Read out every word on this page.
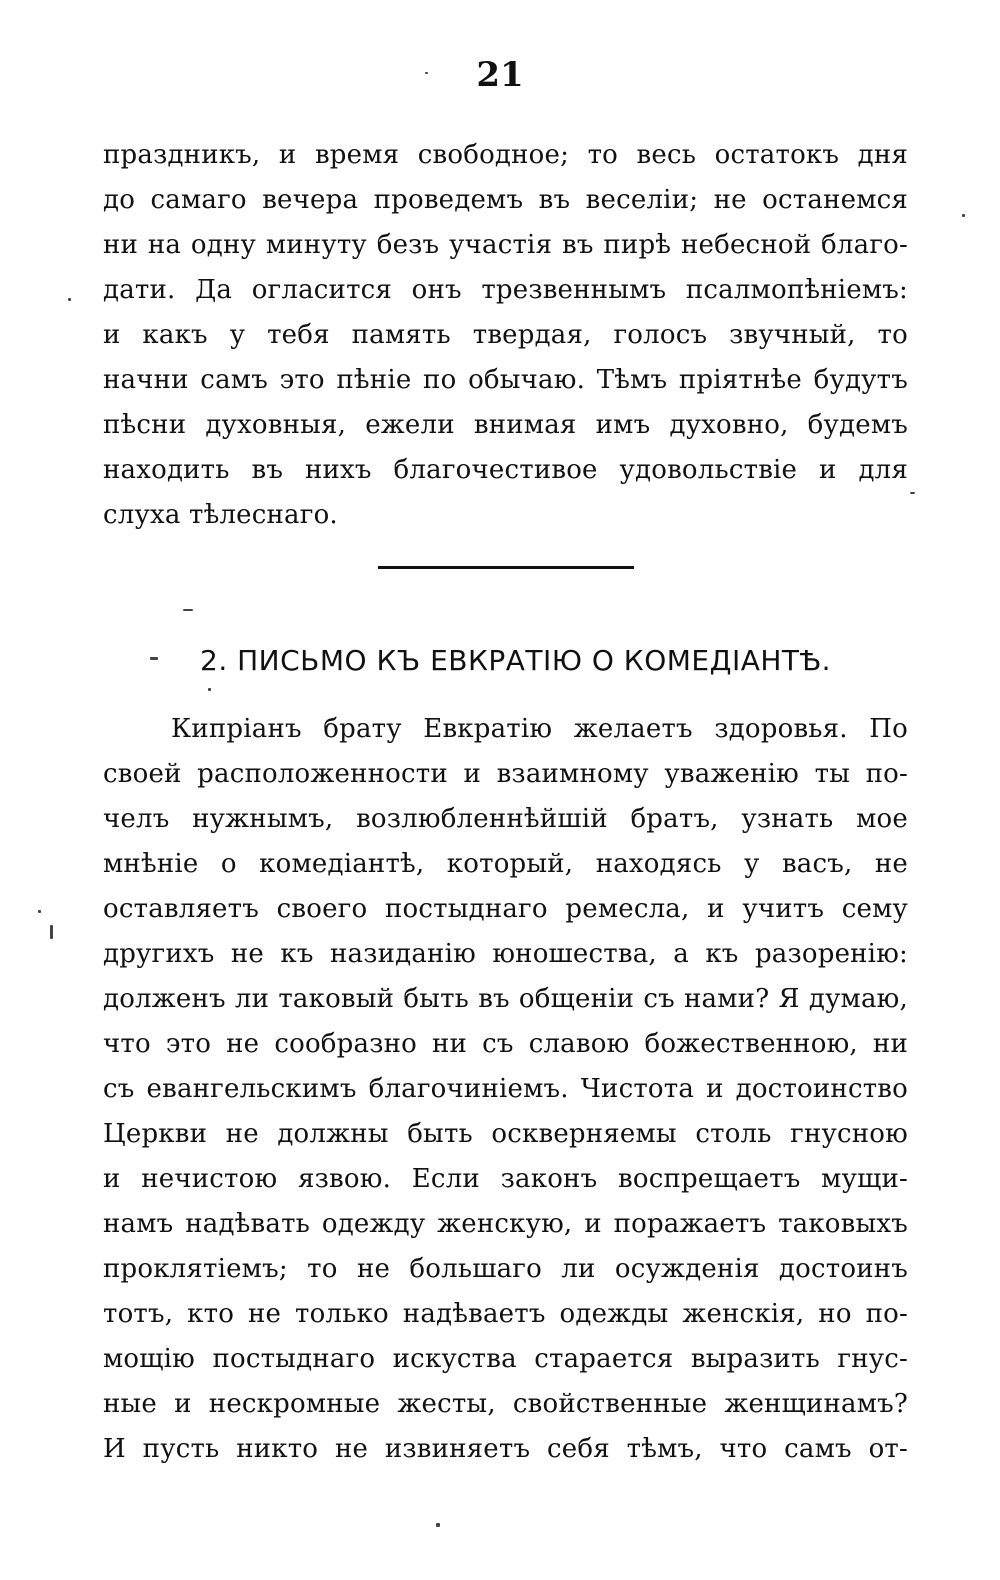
21
праздникъ, и время свободное; то весь остатокъ дня
до самаго вечера проведемъ въ веселіи; не останемся
ни на одну минуту безъ участія въ пирѣ небесной благо-
дати. Да огласится онъ трезвеннымъ псалмопѣніемъ:
и какъ у тебя память твердая, голосъ звучный, то
начни самъ это пѣніе по обычаю. Тѣмъ пріятнѣе будутъ
пѣсни духовныя, ежели внимая имъ духовно, будемъ
находить въ нихъ благочестивое удовольствіе и для
слуха тѣлеснаго.
2. ПИСЬМО КЪ ЕВКРАТІЮ О КОМЕДІАНТѢ.
Кипріанъ брату Евкратію желаетъ здоровья. По
своей расположенности и взаимному уваженію ты по-
челъ нужнымъ, возлюбленнѣйшій братъ, узнать мое
мнѣніе о комедіантѣ, который, находясь у васъ, не
оставляетъ своего постыднаго ремесла, и учитъ сему
другихъ не къ назиданію юношества, а къ разоренію:
долженъ ли таковый быть въ общеніи съ нами? Я думаю,
что это не сообразно ни съ славою божественною, ни
съ евангельскимъ благочиніемъ. Чистота и достоинство
Церкви не должны быть оскверняемы столь гнусною
и нечистою язвою. Если законъ воспрещаетъ мущи-
намъ надѣвать одежду женскую, и поражаетъ таковыхъ
проклятіемъ; то не большаго ли осужденія достоинъ
тотъ, кто не только надѣваетъ одежды женскія, но по-
мощію постыднаго искуства старается выразить гнус-
ные и нескромные жесты, свойственные женщинамъ?
И пусть никто не извиняетъ себя тѣмъ, что самъ от-
